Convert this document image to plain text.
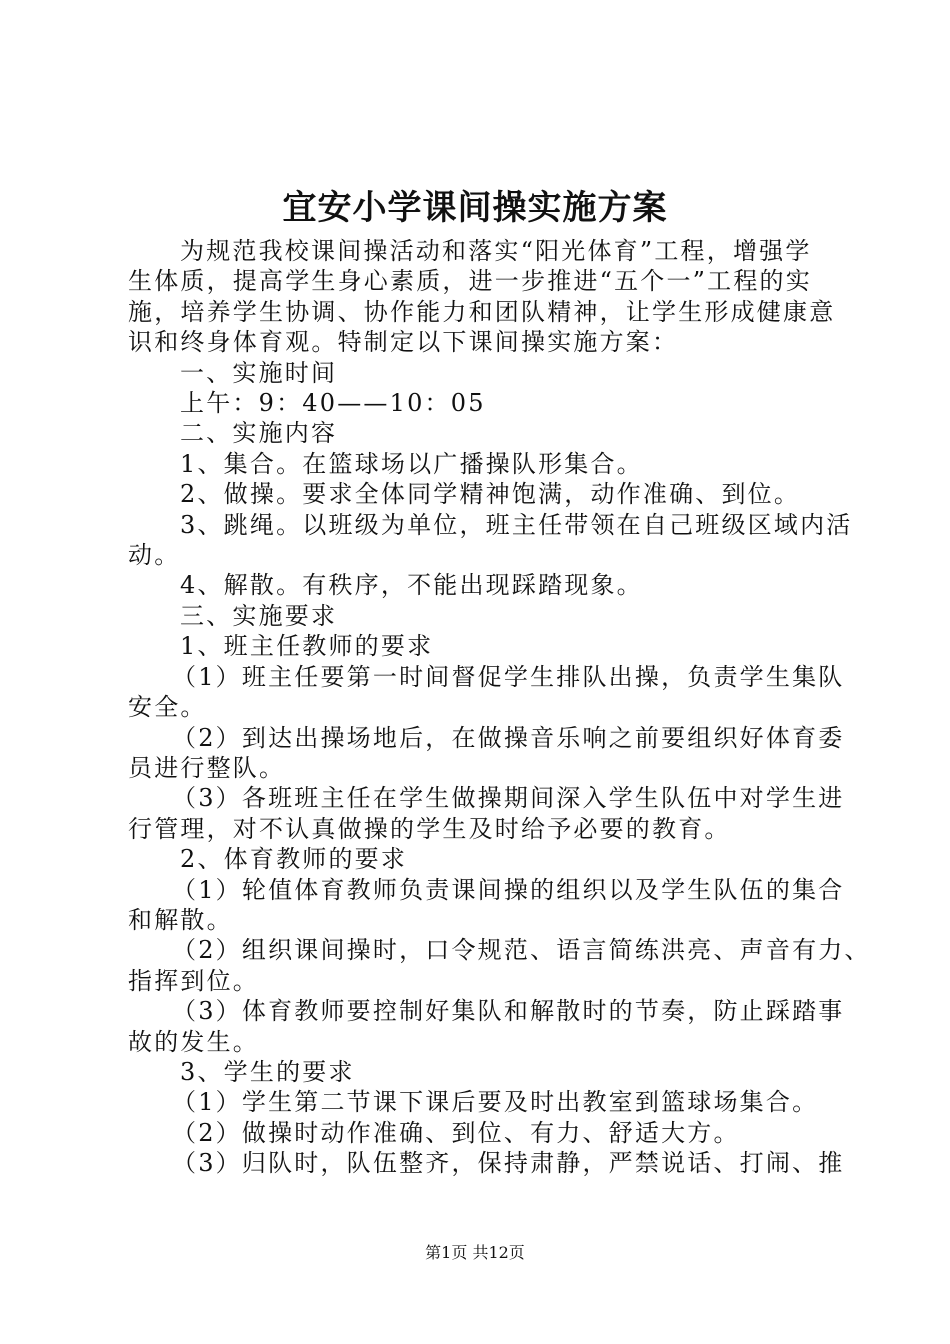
宜安小学课间操实施方案
为规范我校课间操活动和落实“阳光体育”工程，增强学
生体质，提高学生身心素质，进一步推进“五个一”工程的实
施，培养学生协调、协作能力和团队精神，让学生形成健康意
识和终身体育观。特制定以下课间操实施方案：
一、实施时间
上午：9：40——10：05
二、实施内容
1、集合。在篮球场以广播操队形集合。
2、做操。要求全体同学精神饱满，动作准确、到位。
3、跳绳。以班级为单位，班主任带领在自己班级区域内活
动。
4、解散。有秩序，不能出现踩踏现象。
三、实施要求
1、班主任教师的要求
（1）班主任要第一时间督促学生排队出操，负责学生集队
安全。
（2）到达出操场地后，在做操音乐响之前要组织好体育委
员进行整队。
（3）各班班主任在学生做操期间深入学生队伍中对学生进
行管理，对不认真做操的学生及时给予必要的教育。
2、体育教师的要求
（1）轮值体育教师负责课间操的组织以及学生队伍的集合
和解散。
（2）组织课间操时，口令规范、语言简练洪亮、声音有力、
指挥到位。
（3）体育教师要控制好集队和解散时的节奏，防止踩踏事
故的发生。
3、学生的要求
（1）学生第二节课下课后要及时出教室到篮球场集合。
（2）做操时动作准确、到位、有力、舒适大方。
（3）归队时，队伍整齐，保持肃静，严禁说话、打闹、推
第1页 共12页
